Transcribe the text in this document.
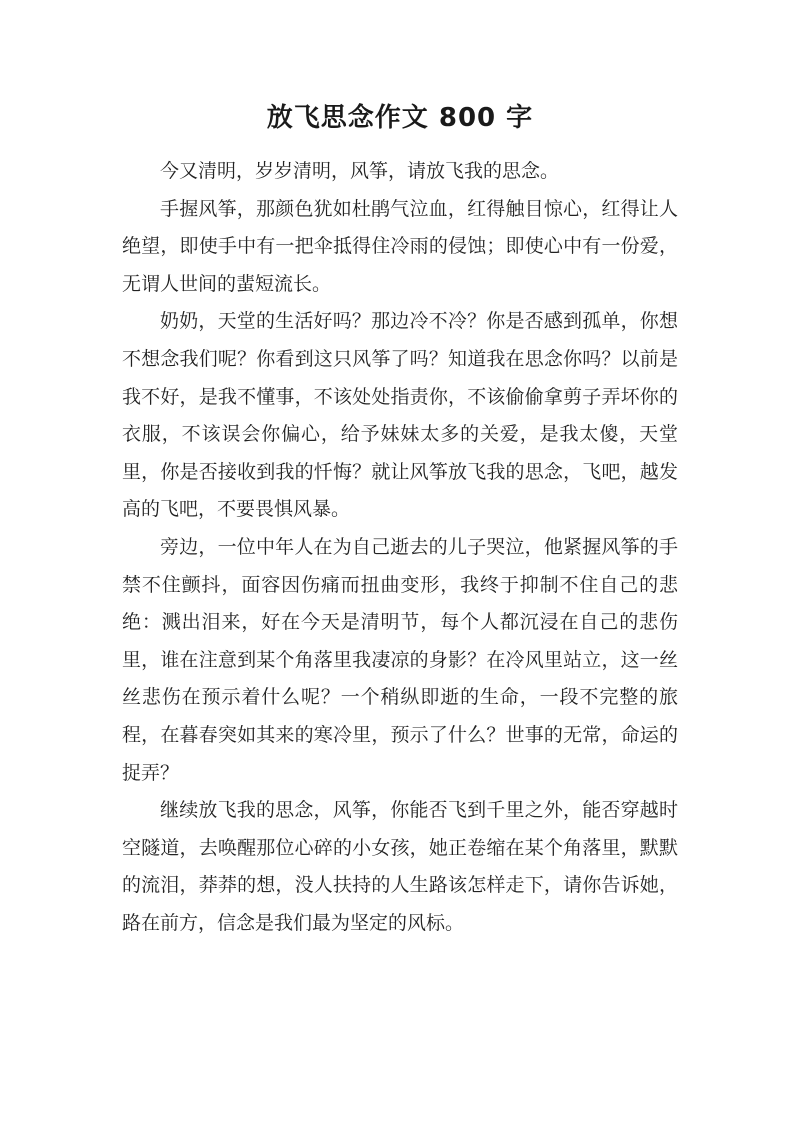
放飞思念作文 800 字

今又清明，岁岁清明，风筝，请放飞我的思念。

手握风筝，那颜色犹如杜鹃气泣血，红得触目惊心，红得让人绝望，即使手中有一把伞抵得住冷雨的侵蚀；即使心中有一份爱，无谓人世间的蜚短流长。

奶奶，天堂的生活好吗？那边冷不冷？你是否感到孤单，你想不想念我们呢？你看到这只风筝了吗？知道我在思念你吗？以前是我不好，是我不懂事，不该处处指责你，不该偷偷拿剪子弄坏你的衣服，不该误会你偏心，给予妹妹太多的关爱，是我太傻，天堂里，你是否接收到我的忏悔？就让风筝放飞我的思念，飞吧，越发高的飞吧，不要畏惧风暴。

旁边，一位中年人在为自己逝去的儿子哭泣，他紧握风筝的手禁不住颤抖，面容因伤痛而扭曲变形，我终于抑制不住自己的悲绝：溅出泪来，好在今天是清明节，每个人都沉浸在自己的悲伤里，谁在注意到某个角落里我凄凉的身影？在冷风里站立，这一丝丝悲伤在预示着什么呢？一个稍纵即逝的生命，一段不完整的旅程，在暮春突如其来的寒冷里，预示了什么？世事的无常，命运的捉弄？

继续放飞我的思念，风筝，你能否飞到千里之外，能否穿越时空隧道，去唤醒那位心碎的小女孩，她正卷缩在某个角落里，默默的流泪，莽莽的想，没人扶持的人生路该怎样走下，请你告诉她，路在前方，信念是我们最为坚定的风标。
